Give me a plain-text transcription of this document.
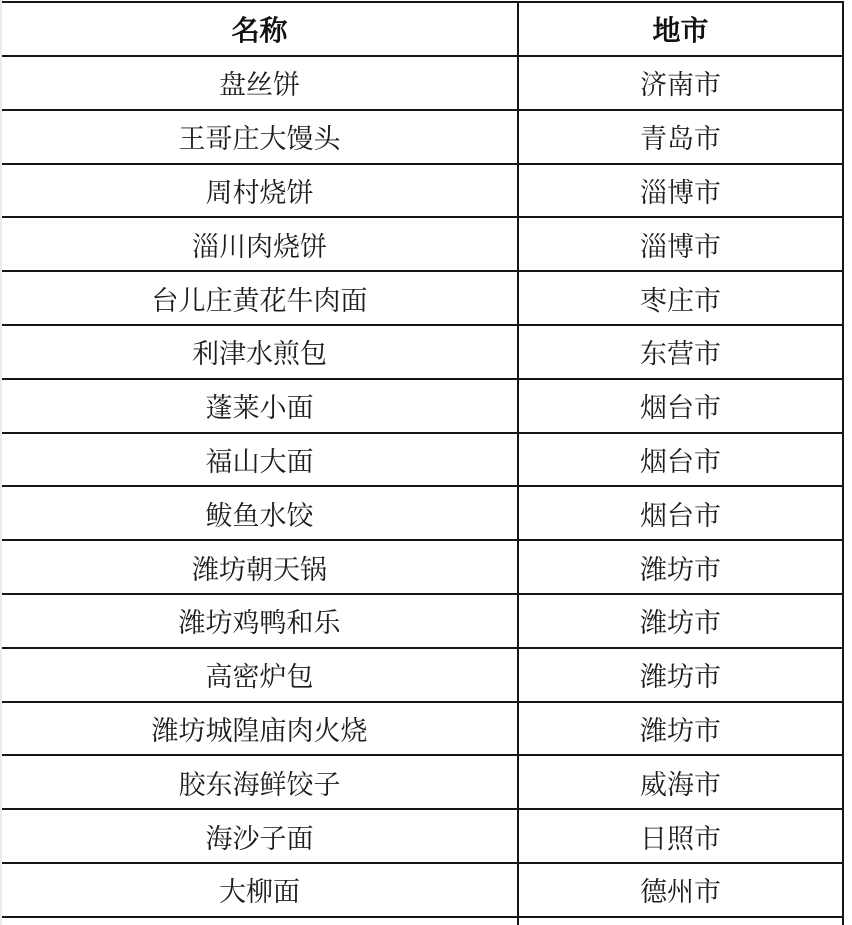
名称	地市
盘丝饼	济南市
王哥庄大馒头	青岛市
周村烧饼	淄博市
淄川肉烧饼	淄博市
台儿庄黄花牛肉面	枣庄市
利津水煎包	东营市
蓬莱小面	烟台市
福山大面	烟台市
鲅鱼水饺	烟台市
潍坊朝天锅	潍坊市
潍坊鸡鸭和乐	潍坊市
高密炉包	潍坊市
潍坊城隍庙肉火烧	潍坊市
胶东海鲜饺子	威海市
海沙子面	日照市
大柳面	德州市
